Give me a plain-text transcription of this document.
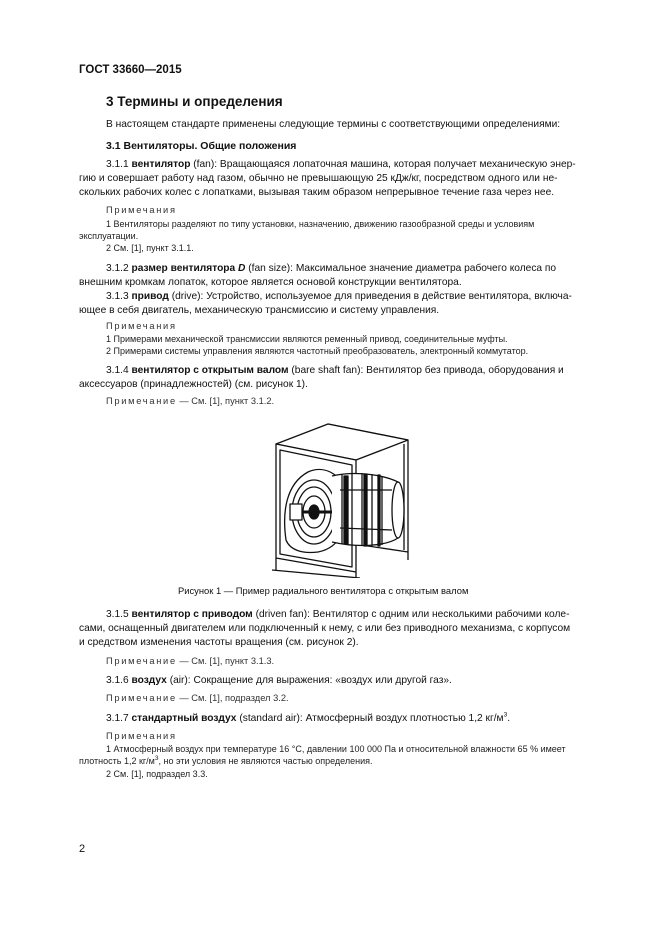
ГОСТ 33660—2015
3 Термины и определения
В настоящем стандарте применены следующие термины с соответствующими определениями:
3.1 Вентиляторы. Общие положения
3.1.1 вентилятор (fan): Вращающаяся лопаточная машина, которая получает механическую энер-
гию и совершает работу над газом, обычно не превышающую 25 кДж/кг, посредством одного или не-
скольких рабочих колес с лопатками, вызывая таким образом непрерывное течение газа через нее.
Примечания
1 Вентиляторы разделяют по типу установки, назначению, движению газообразной среды и условиям
эксплуатации.
2 См. [1], пункт 3.1.1.
3.1.2 размер вентилятора D (fan size): Максимальное значение диаметра рабочего колеса по
внешним кромкам лопаток, которое является основой конструкции вентилятора.
3.1.3 привод (drive): Устройство, используемое для приведения в действие вентилятора, включа-
ющее в себя двигатель, механическую трансмиссию и систему управления.
Примечания
1 Примерами механической трансмиссии являются ременный привод, соединительные муфты.
2 Примерами системы управления являются частотный преобразователь, электронный коммутатор.
3.1.4 вентилятор с открытым валом (bare shaft fan): Вентилятор без привода, оборудования и
аксессуаров (принадлежностей) (см. рисунок 1).
Примечание — См. [1], пункт 3.1.2.
Рисунок 1 — Пример радиального вентилятора с открытым валом
3.1.5 вентилятор с приводом (driven fan): Вентилятор с одним или несколькими рабочими коле-
сами, оснащенный двигателем или подключенный к нему, с или без приводного механизма, с корпусом
и средством изменения частоты вращения (см. рисунок 2).
Примечание — См. [1], пункт 3.1.3.
3.1.6 воздух (air): Сокращение для выражения: «воздух или другой газ».
Примечание — См. [1], подраздел 3.2.
3.1.7 стандартный воздух (standard air): Атмосферный воздух плотностью 1,2 $кг/м^3$.
Примечания
1 Атмосферный воздух при температуре 16 °С, давлении 100 000 Па и относительной влажности 65 % имеет
плотность 1,2 $кг/м^3$, но эти условия не являются частью определения.
2 См. [1], подраздел 3.3.
2
